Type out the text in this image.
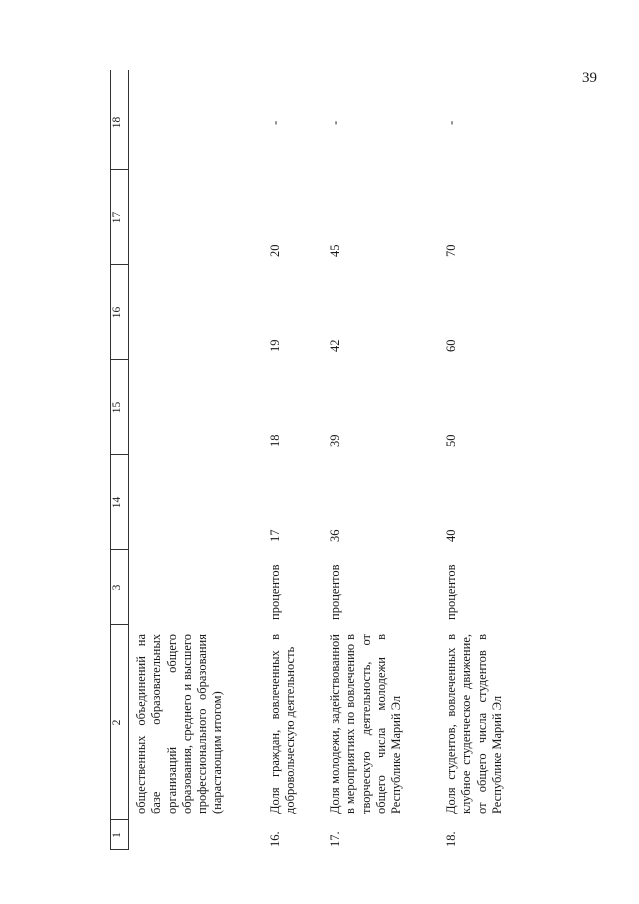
39
1
2
3
14
15
16
17
18
общественных объединений на базе образовательных организаций общего образования, среднего и высшего профессионального образования (нарастающим итогом)
16.
Доля граждан, вовлеченных в добровольческую деятельность
процентов
17
18
19
20
-
17.
Доля молодежи, задействованной в мероприятиях по вовлечению в творческую деятельность, от общего числа молодежи в Республике Марий Эл
процентов
36
39
42
45
-
18.
Доля студентов, вовлеченных в клубное студенческое движение, от общего числа студентов в Республике Марий Эл
процентов
40
50
60
70
-
